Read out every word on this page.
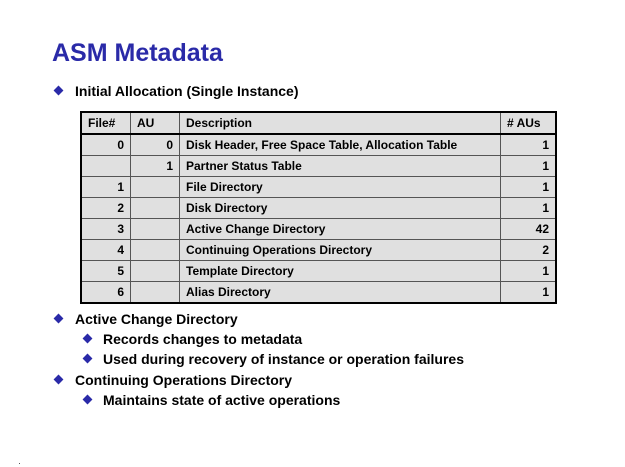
ASM Metadata
Initial Allocation (Single Instance)
File#	AU	Description	# AUs
0	0	Disk Header, Free Space Table, Allocation Table	1
	1	Partner Status Table	1
1		File Directory	1
2		Disk Directory	1
3		Active Change Directory	42
4		Continuing Operations Directory	2
5		Template Directory	1
6		Alias Directory	1
Active Change Directory
Records changes to metadata
Used during recovery of instance or operation failures
Continuing Operations Directory
Maintains state of active operations
